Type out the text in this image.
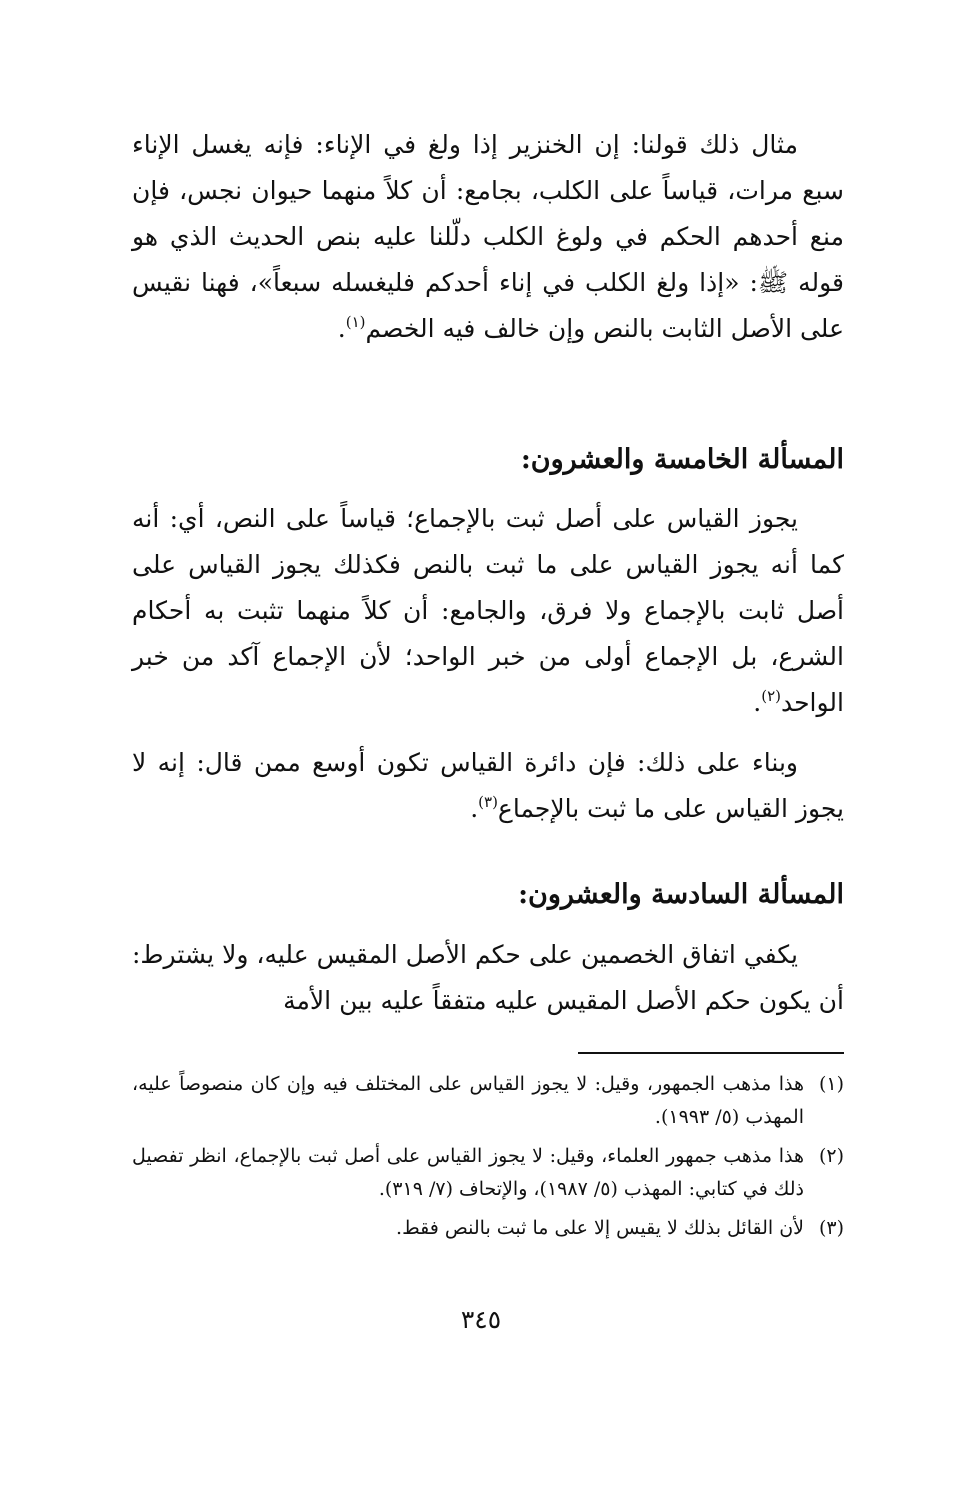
مثال ذلك قولنا: إن الخنزير إذا ولغ في الإناء: فإنه يغسل الإناء سبع مرات، قياساً على الكلب، بجامع: أن كلاً منهما حيوان نجس، فإن منع أحدهم الحكم في ولوغ الكلب دلّلنا عليه بنص الحديث الذي هو قوله ﷺ: «إذا ولغ الكلب في إناء أحدكم فليغسله سبعاً»، فهنا نقيس على الأصل الثابت بالنص وإن خالف فيه الخصم$^{(١)}$.

المسألة الخامسة والعشرون:

يجوز القياس على أصل ثبت بالإجماع؛ قياساً على النص، أي: أنه كما أنه يجوز القياس على ما ثبت بالنص فكذلك يجوز القياس على أصل ثابت بالإجماع ولا فرق، والجامع: أن كلاً منهما تثبت به أحكام الشرع، بل الإجماع أولى من خبر الواحد؛ لأن الإجماع آكد من خبر الواحد$^{(٢)}$.

وبناء على ذلك: فإن دائرة القياس تكون أوسع ممن قال: إنه لا يجوز القياس على ما ثبت بالإجماع$^{(٣)}$.

المسألة السادسة والعشرون:

يكفي اتفاق الخصمين على حكم الأصل المقيس عليه، ولا يشترط: أن يكون حكم الأصل المقيس عليه متفقاً عليه بين الأمة

(١)
هذا مذهب الجمهور، وقيل: لا يجوز القياس على المختلف فيه وإن كان منصوصاً عليه، المهذب (٥/ ١٩٩٣).
(٢)
هذا مذهب جمهور العلماء، وقيل: لا يجوز القياس على أصل ثبت بالإجماع، انظر تفصيل ذلك في كتابي: المهذب (٥/ ١٩٨٧)، والإتحاف (٧/ ٣١٩).
(٣)
لأن القائل بذلك لا يقيس إلا على ما ثبت بالنص فقط.
٣٤٥
